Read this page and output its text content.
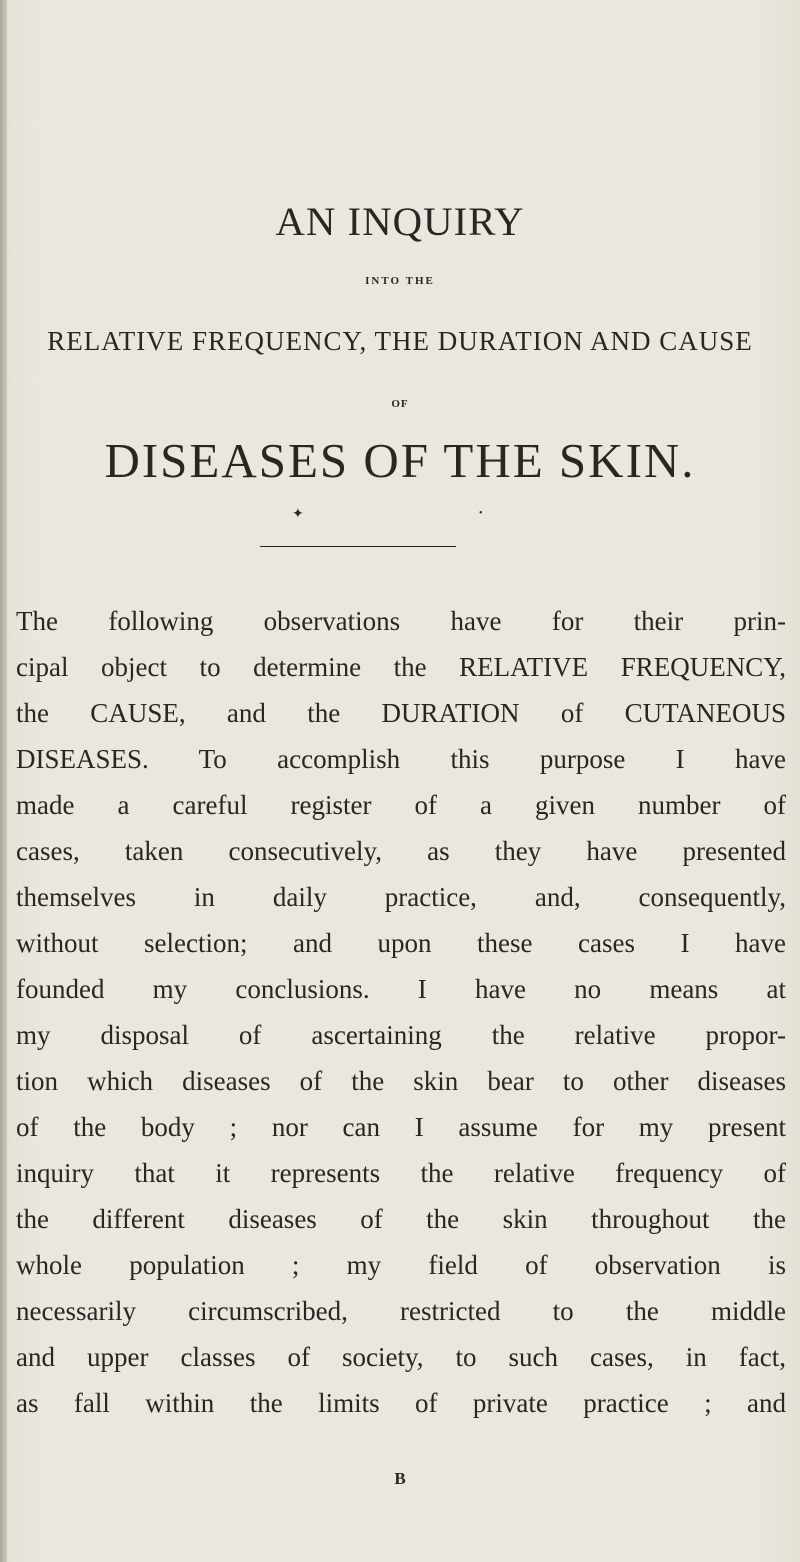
AN INQUIRY
INTO THE
RELATIVE FREQUENCY, THE DURATION AND CAUSE
OF
DISEASES OF THE SKIN.
✦	•
The following observations have for their prin-
cipal object to determine the RELATIVE FREQUENCY,
the CAUSE, and the DURATION of CUTANEOUS
DISEASES. To accomplish this purpose I have
made a careful register of a given number of
cases, taken consecutively, as they have presented
themselves in daily practice, and, consequently,
without selection; and upon these cases I have
founded my conclusions. I have no means at
my disposal of ascertaining the relative propor-
tion which diseases of the skin bear to other diseases
of the body ; nor can I assume for my present
inquiry that it represents the relative frequency of
the different diseases of the skin throughout the
whole population ; my field of observation is
necessarily circumscribed, restricted to the middle
and upper classes of society, to such cases, in fact,
as fall within the limits of private practice ; and
B
